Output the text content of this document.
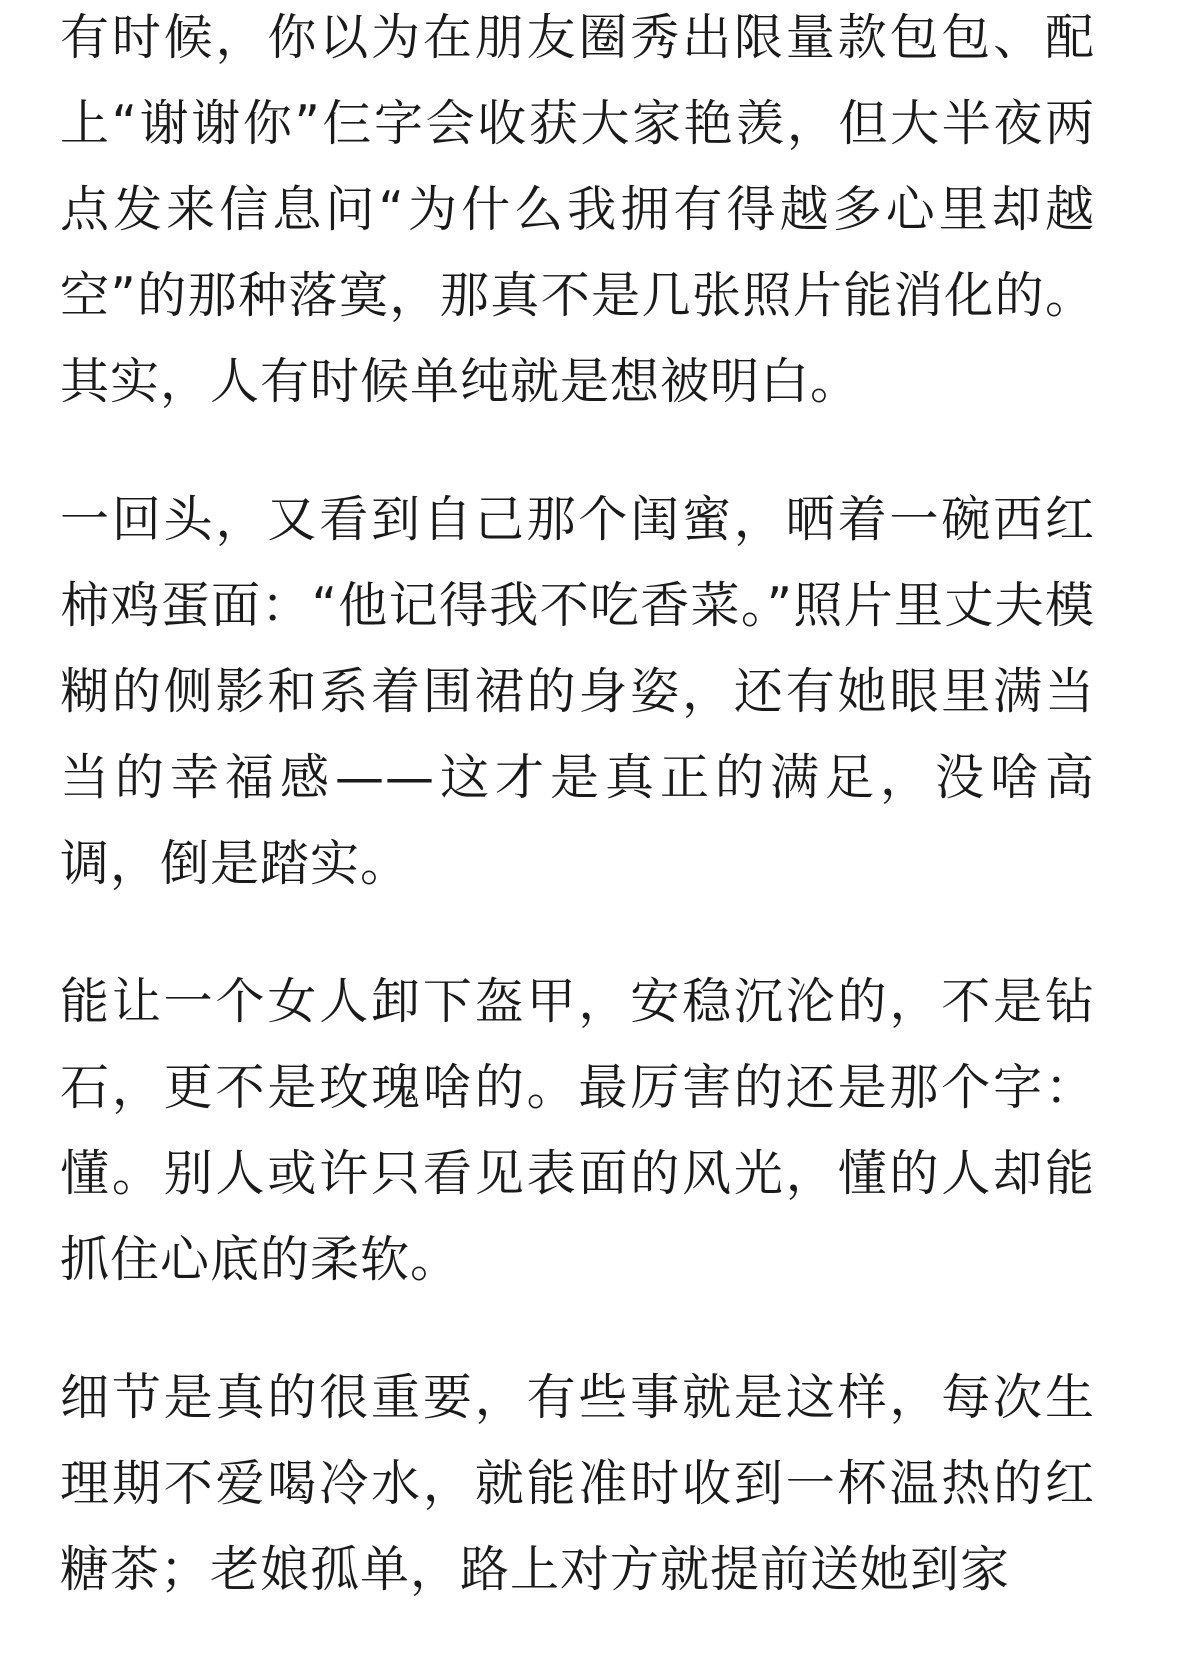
有时候，你以为在朋友圈秀出限量款包包、配上“谢谢你”仨字会收获大家艳羡，但大半夜两点发来信息问“为什么我拥有得越多心里却越空”的那种落寞，那真不是几张照片能消化的。其实，人有时候单纯就是想被明白。

一回头，又看到自己那个闺蜜，晒着一碗西红柿鸡蛋面：“他记得我不吃香菜。”照片里丈夫模糊的侧影和系着围裙的身姿，还有她眼里满当当的幸福感——这才是真正的满足，没啥高调，倒是踏实。

能让一个女人卸下盔甲，安稳沉沦的，不是钻石，更不是玫瑰啥的。最厉害的还是那个字：懂。别人或许只看见表面的风光，懂的人却能抓住心底的柔软。

细节是真的很重要，有些事就是这样，每次生理期不爱喝冷水，就能准时收到一杯温热的红糖茶；老娘孤单，路上对方就提前送她到家
